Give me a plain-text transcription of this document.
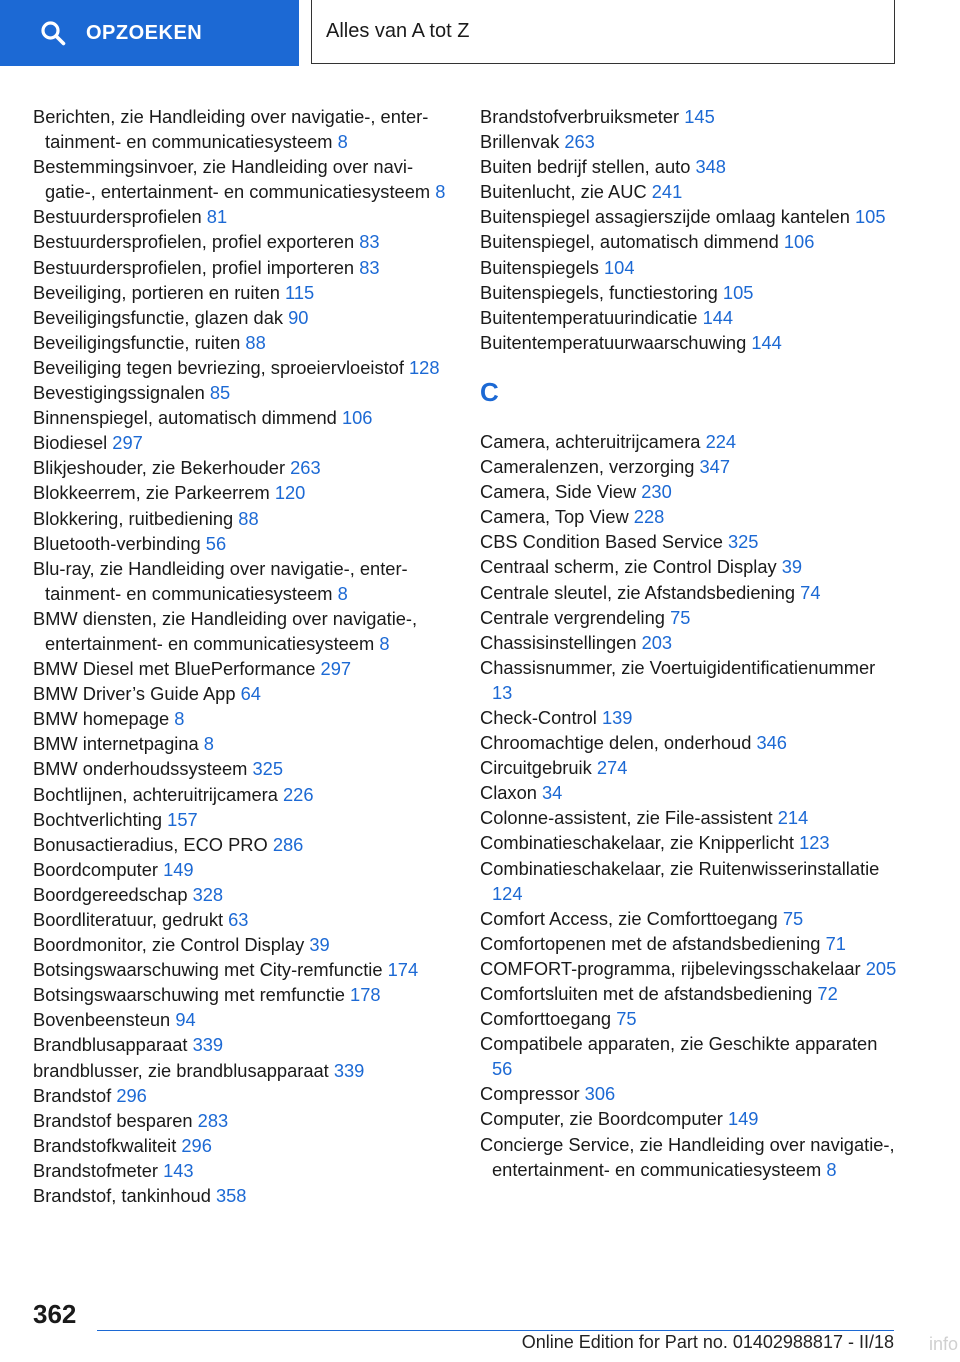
OPZOEKEN	Alles van A tot Z
Berichten, zie Handleiding over navigatie-, entertainment- en communicatiesysteem 8
Bestemmingsinvoer, zie Handleiding over navigatie-, entertainment- en communicatiesysteem 8
Bestuurdersprofielen 81
Bestuurdersprofielen, profiel exporteren 83
Bestuurdersprofielen, profiel importeren 83
Beveiliging, portieren en ruiten 115
Beveiligingsfunctie, glazen dak 90
Beveiligingsfunctie, ruiten 88
Beveiliging tegen bevriezing, sproeiervloeistof 128
Bevestigingssignalen 85
Binnenspiegel, automatisch dimmend 106
Biodiesel 297
Blikjeshouder, zie Bekerhouder 263
Blokkeerrem, zie Parkeerrem 120
Blokkering, ruitbediening 88
Bluetooth-verbinding 56
Blu-ray, zie Handleiding over navigatie-, entertainment- en communicatiesysteem 8
BMW diensten, zie Handleiding over navigatie-, entertainment- en communicatiesysteem 8
BMW Diesel met BluePerformance 297
BMW Driver’s Guide App 64
BMW homepage 8
BMW internetpagina 8
BMW onderhoudssysteem 325
Bochtlijnen, achteruitrijcamera 226
Bochtverlichting 157
Bonusactieradius, ECO PRO 286
Boordcomputer 149
Boordgereedschap 328
Boordliteratuur, gedrukt 63
Boordmonitor, zie Control Display 39
Botsingswaarschuwing met City-remfunctie 174
Botsingswaarschuwing met remfunctie 178
Bovenbeensteun 94
Brandblusapparaat 339
brandblusser, zie brandblusapparaat 339
Brandstof 296
Brandstof besparen 283
Brandstofkwaliteit 296
Brandstofmeter 143
Brandstof, tankinhoud 358
Brandstofverbruiksmeter 145
Brillenvak 263
Buiten bedrijf stellen, auto 348
Buitenlucht, zie AUC 241
Buitenspiegel assagierszijde omlaag kantelen 105
Buitenspiegel, automatisch dimmend 106
Buitenspiegels 104
Buitenspiegels, functiestoring 105
Buitentemperatuurindicatie 144
Buitentemperatuurwaarschuwing 144
C
Camera, achteruitrijcamera 224
Cameralenzen, verzorging 347
Camera, Side View 230
Camera, Top View 228
CBS Condition Based Service 325
Centraal scherm, zie Control Display 39
Centrale sleutel, zie Afstandsbediening 74
Centrale vergrendeling 75
Chassisinstellingen 203
Chassisnummer, zie Voertuigidentificatienummer 13
Check-Control 139
Chroomachtige delen, onderhoud 346
Circuitgebruik 274
Claxon 34
Colonne-assistent, zie File-assistent 214
Combinatieschakelaar, zie Knipperlicht 123
Combinatieschakelaar, zie Ruitenwisserinstallatie 124
Comfort Access, zie Comforttoegang 75
Comfortopenen met de afstandsbediening 71
COMFORT-programma, rijbelevingsschakelaar 205
Comfortsluiten met de afstandsbediening 72
Comforttoegang 75
Compatibele apparaten, zie Geschikte apparaten 56
Compressor 306
Computer, zie Boordcomputer 149
Concierge Service, zie Handleiding over navigatie-, entertainment- en communicatiesysteem 8
362
Online Edition for Part no. 01402988817 - II/18 info
